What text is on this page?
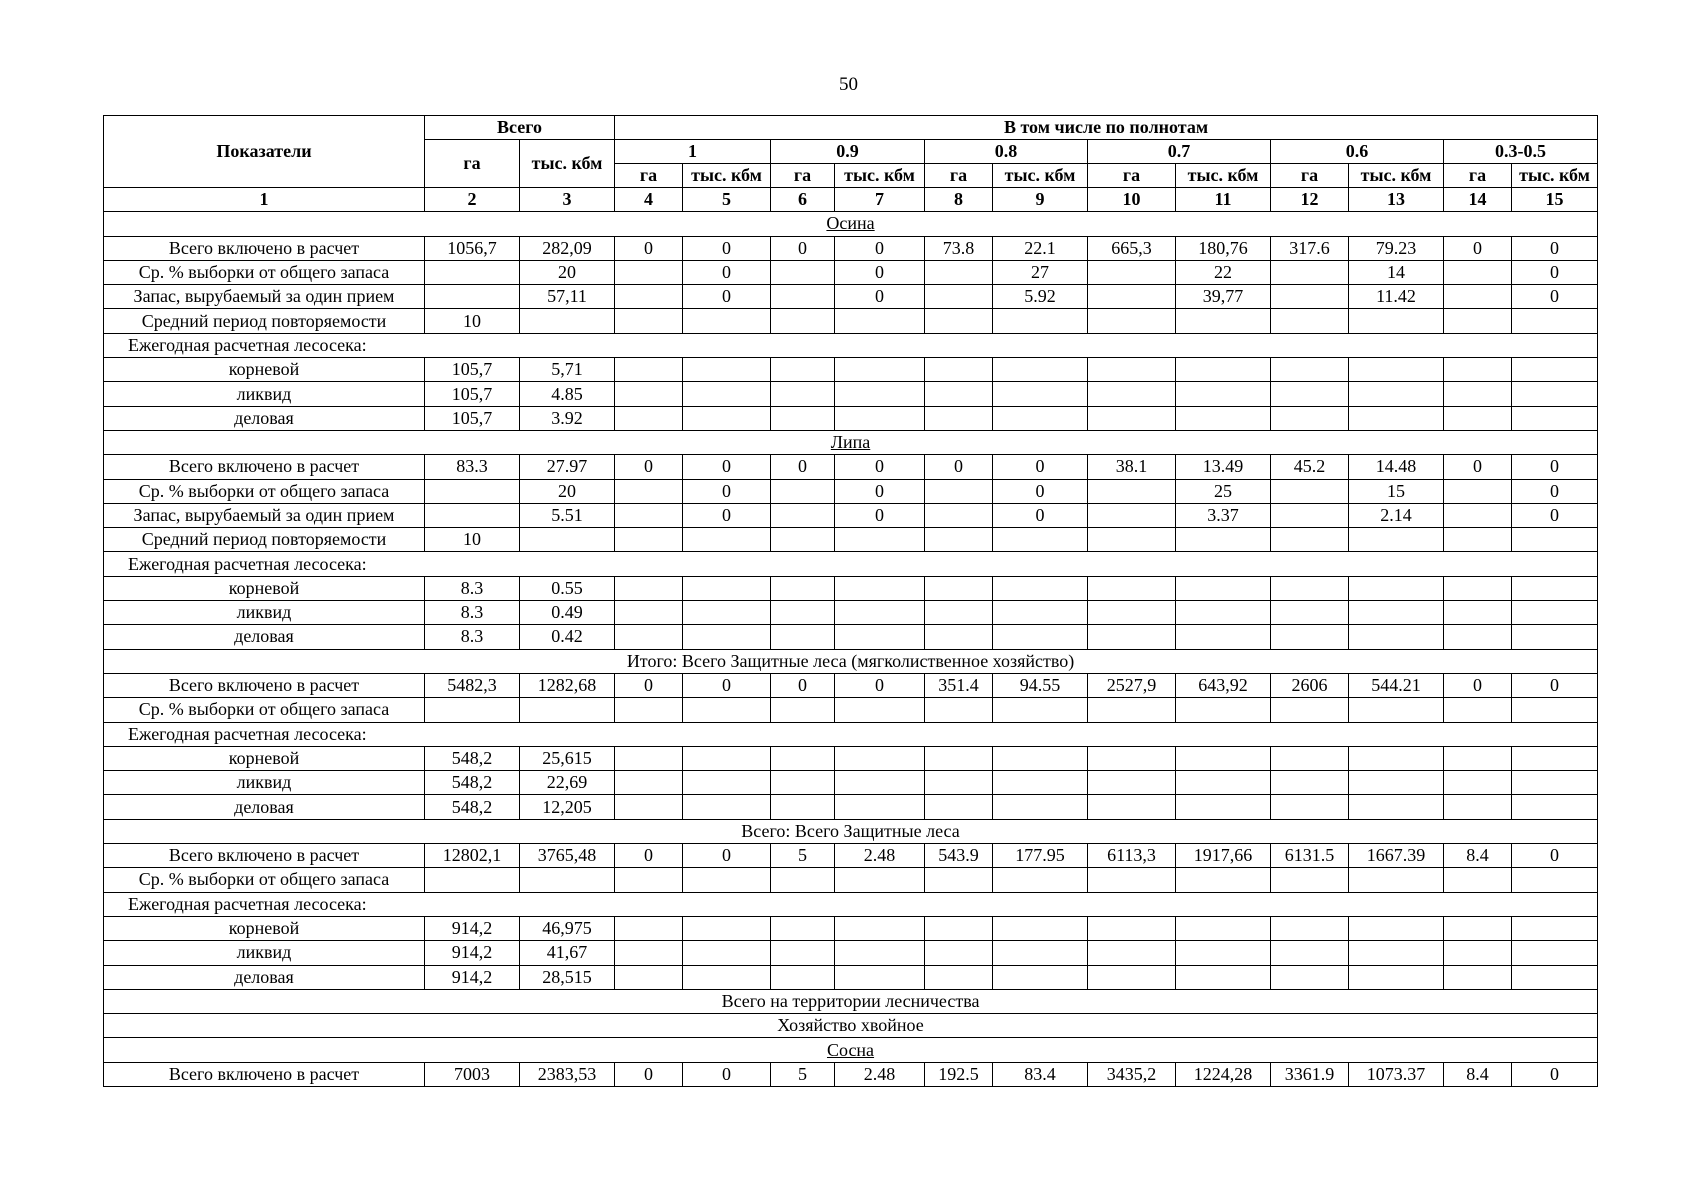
50
Показатели	Всего		В том числе по полнотам											
	га	тыс. кбм	1		0.9		0.8		0.7		0.6		0.3-0.5	
			га	тыс. кбм	га	тыс. кбм	га	тыс. кбм	га	тыс. кбм	га	тыс. кбм	га	тыс. кбм
1	2	3	4	5	6	7	8	9	10	11	12	13	14	15
Осина														
Всего включено в расчет	1056,7	282,09	0	0	0	0	73.8	22.1	665,3	180,76	317.6	79.23	0	0
Ср. % выборки от общего запаса		20		0		0		27		22		14		0
Запас, вырубаемый за один прием		57,11		0		0		5.92		39,77		11.42		0
Средний период повторяемости	10													
Ежегодная расчетная лесосека:														
корневой	105,7	5,71												
ликвид	105,7	4.85												
деловая	105,7	3.92												
Липа														
Всего включено в расчет	83.3	27.97	0	0	0	0	0	0	38.1	13.49	45.2	14.48	0	0
Ср. % выборки от общего запаса		20		0		0		0		25		15		0
Запас, вырубаемый за один прием		5.51		0		0		0		3.37		2.14		0
Средний период повторяемости	10													
Ежегодная расчетная лесосека:														
корневой	8.3	0.55												
ликвид	8.3	0.49												
деловая	8.3	0.42												
Итого: Всего Защитные леса (мягколиственное хозяйство)														
Всего включено в расчет	5482,3	1282,68	0	0	0	0	351.4	94.55	2527,9	643,92	2606	544.21	0	0
Ср. % выборки от общего запаса														
Ежегодная расчетная лесосека:														
корневой	548,2	25,615												
ликвид	548,2	22,69												
деловая	548,2	12,205												
Всего: Всего Защитные леса														
Всего включено в расчет	12802,1	3765,48	0	0	5	2.48	543.9	177.95	6113,3	1917,66	6131.5	1667.39	8.4	0
Ср. % выборки от общего запаса														
Ежегодная расчетная лесосека:														
корневой	914,2	46,975												
ликвид	914,2	41,67												
деловая	914,2	28,515												
Всего на территории лесничества														
Хозяйство хвойное														
Сосна														
Всего включено в расчет	7003	2383,53	0	0	5	2.48	192.5	83.4	3435,2	1224,28	3361.9	1073.37	8.4	0
